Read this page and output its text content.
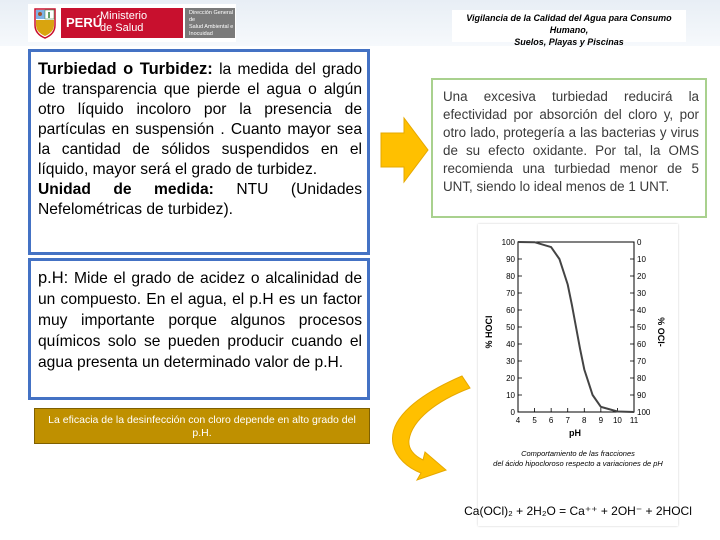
PERÚ
Ministerio
de Salud
Dirección General de
Salud Ambiental e
Inocuidad Alimentaria
Vigilancia de la Calidad del Agua para Consumo Humano,
Suelos, Playas y Piscinas
Turbiedad o Turbidez: la medida del grado de transparencia que pierde el agua o algún otro líquido incoloro por la presencia de partículas en suspensión . Cuanto mayor sea la cantidad de sólidos suspendidos en el líquido, mayor será el grado de turbidez.
Unidad de medida: NTU (Unidades Nefelométricas de turbidez).
p.H: Mide el grado de acidez o alcalinidad de un compuesto. En el agua, el p.H es un factor muy importante porque algunos procesos químicos solo se pueden producir cuando el agua presenta un determinado valor de p.H.
La eficacia de la desinfección con cloro depende en alto grado del p.H.
Una excesiva turbiedad reducirá la efectividad por absorción del cloro y, por otro lado, protegería a las bacterias y virus de su efecto oxidante. Por tal, la OMS recomienda una turbiedad menor de 5 UNT, siendo lo ideal menos de 1 UNT.
0	100
10	90
20	80
30	70
40	60
50	50
60	40
70	30
80	20
90	10
100	0
4 5 6 7 8 9 10 11
% HOCl	% OCl-
pH
Comportamiento de las fracciones del ácido hipocloroso respecto a variaciones de pH
Ca(OCl)₂ + 2H₂O = Ca⁺⁺ + 2OH⁻ + 2HOCl
